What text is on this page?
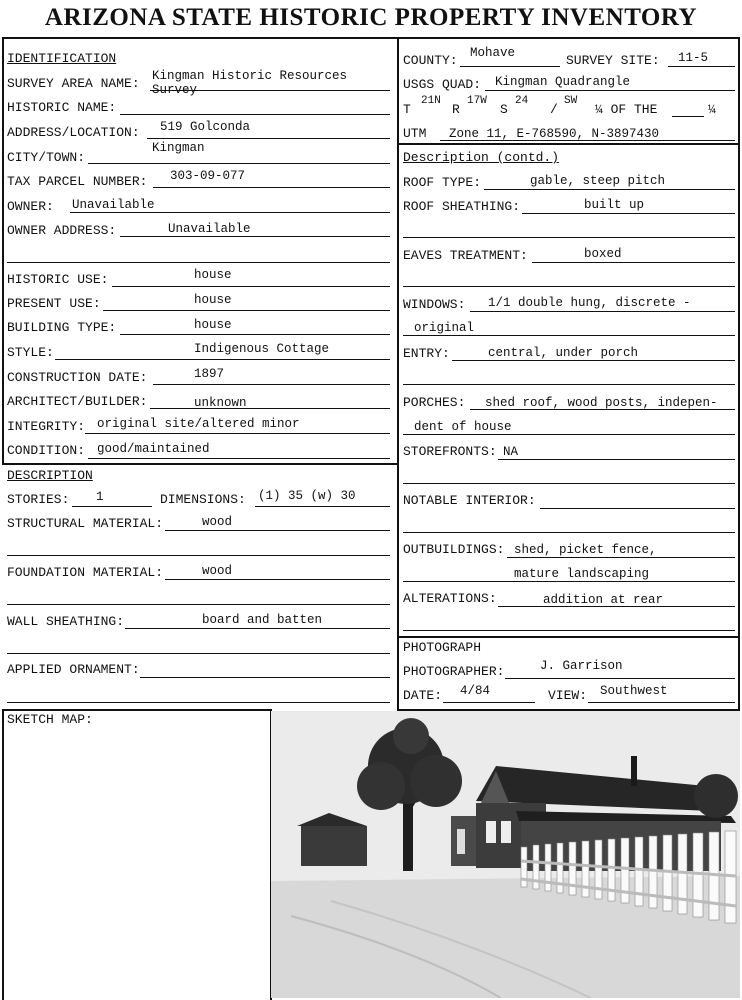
ARIZONA STATE HISTORIC PROPERTY INVENTORY
IDENTIFICATION
SURVEY AREA NAME: Kingman Historic Resources
Survey
HISTORIC NAME:
ADDRESS/LOCATION: 519 Golconda
CITY/TOWN:
Kingman
TAX PARCEL NUMBER: 303-09-077
OWNER: Unavailable
OWNER ADDRESS:	Unavailable
HISTORIC USE:	house
PRESENT USE:	house
BUILDING TYPE:	house
STYLE:	Indigenous Cottage
CONSTRUCTION DATE:	1897
ARCHITECT/BUILDER:	unknown
INTEGRITY: original site/altered minor
CONDITION: good/maintained
DESCRIPTION
STORIES: 1	DIMENSIONS: (1) 35 (w) 30
STRUCTURAL MATERIAL:	wood
FOUNDATION MATERIAL:	wood
WALL SHEATHING:	board and batten
APPLIED ORNAMENT:
COUNTY: Mohave	SURVEY SITE: 11-5
USGS QUAD: Kingman Quadrangle
T
21N
R
17W
S
24
/
SW
¼ OF THE	¼
UTM Zone 11, E-768590, N-3897430
Description (contd.)
ROOF TYPE:	gable, steep pitch
ROOF SHEATHING:	built up
EAVES TREATMENT:	boxed
WINDOWS: 1/1 double hung, discrete -
original
ENTRY:	central, under porch
PORCHES: shed roof, wood posts, indepen-
dent of house
STOREFRONTS: NA
NOTABLE INTERIOR:
OUTBUILDINGS: shed, picket fence,
mature landscaping
ALTERATIONS:	addition at rear
PHOTOGRAPH
PHOTOGRAPHER:	J. Garrison
DATE: 4/84	VIEW: Southwest
SKETCH MAP:
